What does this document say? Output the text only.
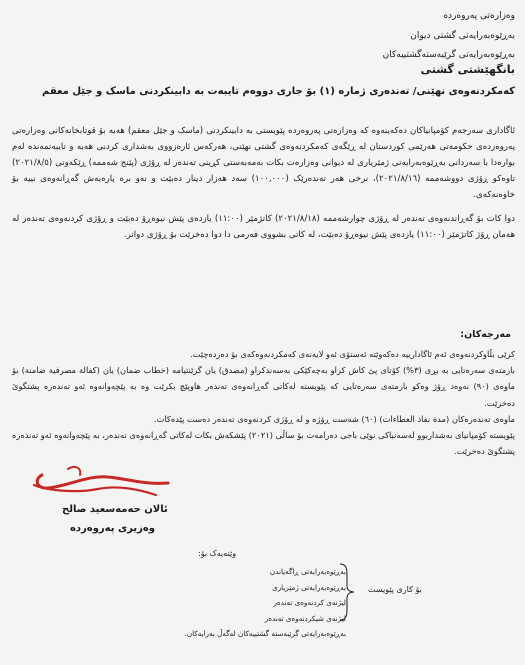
وەزارەتی پەروەردە
بەڕێوەبەرایەتی گشتی دیوان
بەڕێوەبەرایەتی گرێبەستەگشتییەکان
بانگهێشتی گشتی
کەمکردنەوەی نهێنی/ تەندەری ژمارە (١) بۆ جاری دووەم تایبەت بە دابینکردنی ماسک و جێل معقم

ئاگاداری سەرجەم کۆمپانیاکان دەکەینەوە کە وەزارەتی پەروەردە پێویستی بە دابینکردنی (ماسک و جێل معقم) هەیە بۆ قوتابخانەکانی وەزارەتی پەروەردەی حکومەتی هەرێمی کوردستان لە ڕێگەی کەمکردنەوەی گشتی نهێنی، هەرکەس ئارەزووی بەشداری کردنی هەیە و تایبەتمەندە لەم بوارەدا با سەردانی بەڕێوەبەرایەتی ژمێریاری لە دیوانی وەزارەت بکات بەمەبەستی کڕینی تەندەر لە ڕۆژی (پێنج شەممە) ڕێکەوتی (٢٠٢١/٨/٥) تاوەکو ڕۆژی دووشەممە (٢٠٢١/٨/١٦)، نرخی هەر تەندەرێک (١٠٠,٠٠٠) سەد هەزار دینار دەبێت و نەو برە پارەیەش گەڕانەوەی نییە بۆ خاوەنەکەی.

دوا کات بۆ گەڕاندنەوەی تەندەر لە ڕۆژی چوارشەممە (٢٠٢١/٨/١٨) کاتژمێر (١١:٠٠) یازدەی پێش نیوەڕۆ دەبێت و ڕۆژی کردنەوەی تەندەر لە هەمان ڕۆژ کاتژمێر (١١:٠٠) یازدەی پێش نیوەڕۆ دەبێت، لە کاتی بشووی فەرمی دا دوا دەخرێت بۆ ڕۆژی دواتر.

مەرجەکان:

کرێی بڵاوکردنەوەی ئەم ئاگادارییە دەکەوێتە ئەستۆی ئەو لایەنەی کەمکردنەوەکەی بۆ دەردەچێت.

بارمتەی سەرەتایی بە بڕی (٣%) کۆتای پێ کاش کراو بەچەکێکی بەسەندکراو (مصدق) یان گرێنتیامە (خطاب ضمان) یان (کفالة مصرفیة ضامنة) بۆ ماوەی (٩٠) نەوەد ڕۆژ وەکو بارمتەی سەرەتایی کە پێویستە لەکاتی گەڕانەوەی تەندەر هاوپێچ بکرێت وە بە پێچەوانەوە ئەو تەندەرە پشتگوێ دەخرێت.

ماوەی تەندەرەکان (مدة نفاذ العطاءات) (٦٠) شەست ڕۆژە و لە ڕۆژی کردنەوەی تەندەر دەست پێدەکات.

پێویستە کۆمپانیای بەشداربوو لەسەنباکی نوێی باجی دەرامەت بۆ ساڵی (٢٠٢١) پێشکەش بکات لەکاتی گەڕانەوەی تەندەر، بە پێچەوانەوە ئەو تەندەرە پشتگوێ دەخرێت.

ئالان حەمەسعید صالح
وەزیری پەروەردە
وێنەیەک بۆ:
بەڕێوەبەرایەتی ڕاگەیاندن
بەڕێوەبەرایەتی ژمێریاری
لیژنەی کردنەوەی تەندەر
لیژنەی شیکردنەوەی تەندەر
بەڕێوەبەرایەتی گرێبەستە گشتییەکان لەگەڵ بەرایەکان.
بۆ کاری پێویست
